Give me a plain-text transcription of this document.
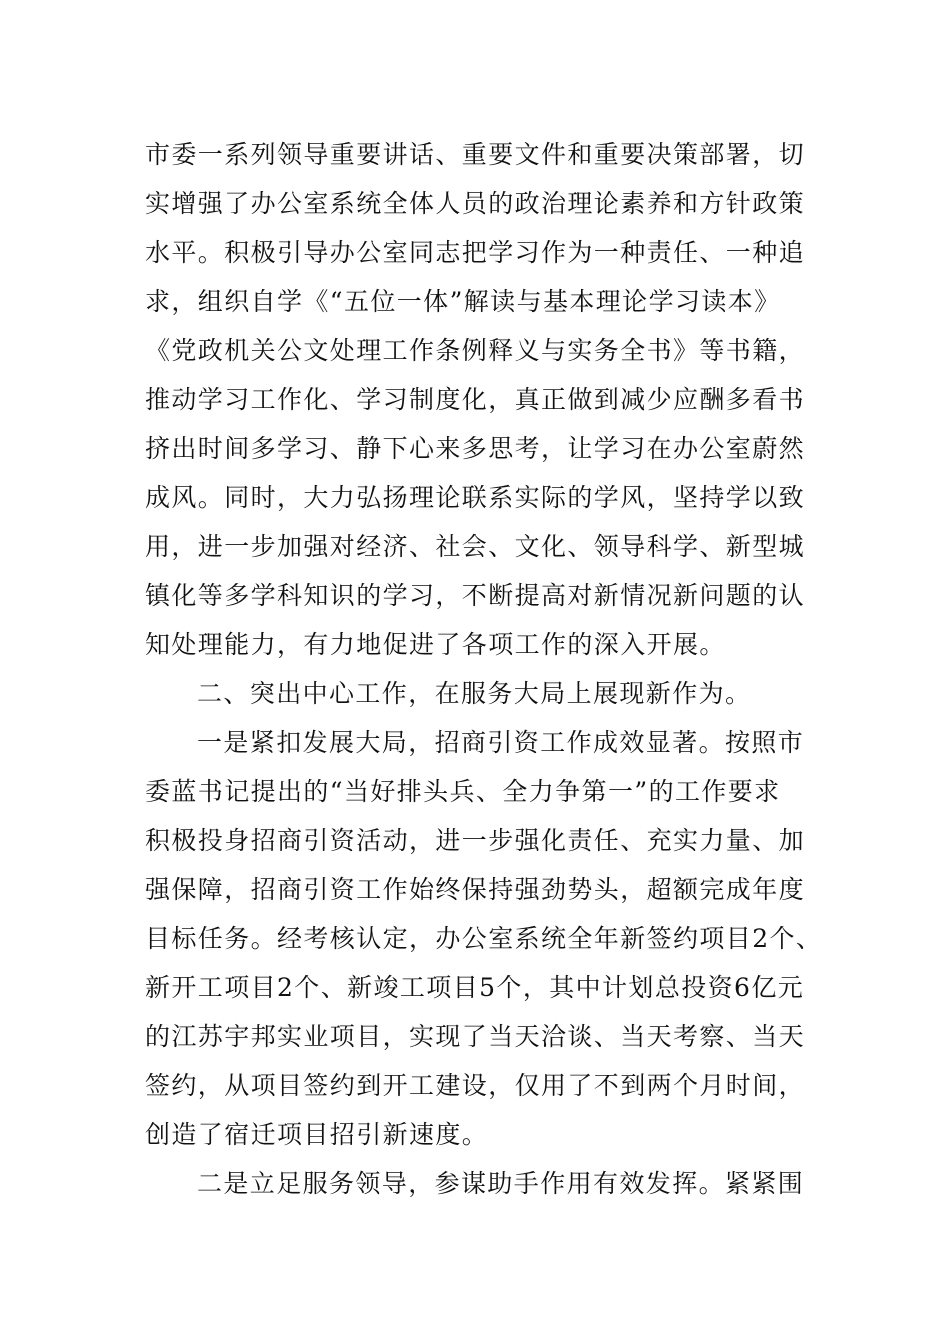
市委一系列领导重要讲话、重要文件和重要决策部署，切
实增强了办公室系统全体人员的政治理论素养和方针政策
水平。积极引导办公室同志把学习作为一种责任、一种追
求，组织自学《“五位一体”解读与基本理论学习读本》
《党政机关公文处理工作条例释义与实务全书》等书籍，
推动学习工作化、学习制度化，真正做到减少应酬多看书
挤出时间多学习、静下心来多思考，让学习在办公室蔚然
成风。同时，大力弘扬理论联系实际的学风，坚持学以致
用，进一步加强对经济、社会、文化、领导科学、新型城
镇化等多学科知识的学习，不断提高对新情况新问题的认
知处理能力，有力地促进了各项工作的深入开展。
二、突出中心工作，在服务大局上展现新作为。
一是紧扣发展大局，招商引资工作成效显著。按照市
委蓝书记提出的“当好排头兵、全力争第一”的工作要求
积极投身招商引资活动，进一步强化责任、充实力量、加
强保障，招商引资工作始终保持强劲势头，超额完成年度
目标任务。经考核认定，办公室系统全年新签约项目2个、
新开工项目2个、新竣工项目5个，其中计划总投资6亿元
的江苏宇邦实业项目，实现了当天洽谈、当天考察、当天
签约，从项目签约到开工建设，仅用了不到两个月时间，
创造了宿迁项目招引新速度。
二是立足服务领导，参谋助手作用有效发挥。紧紧围
